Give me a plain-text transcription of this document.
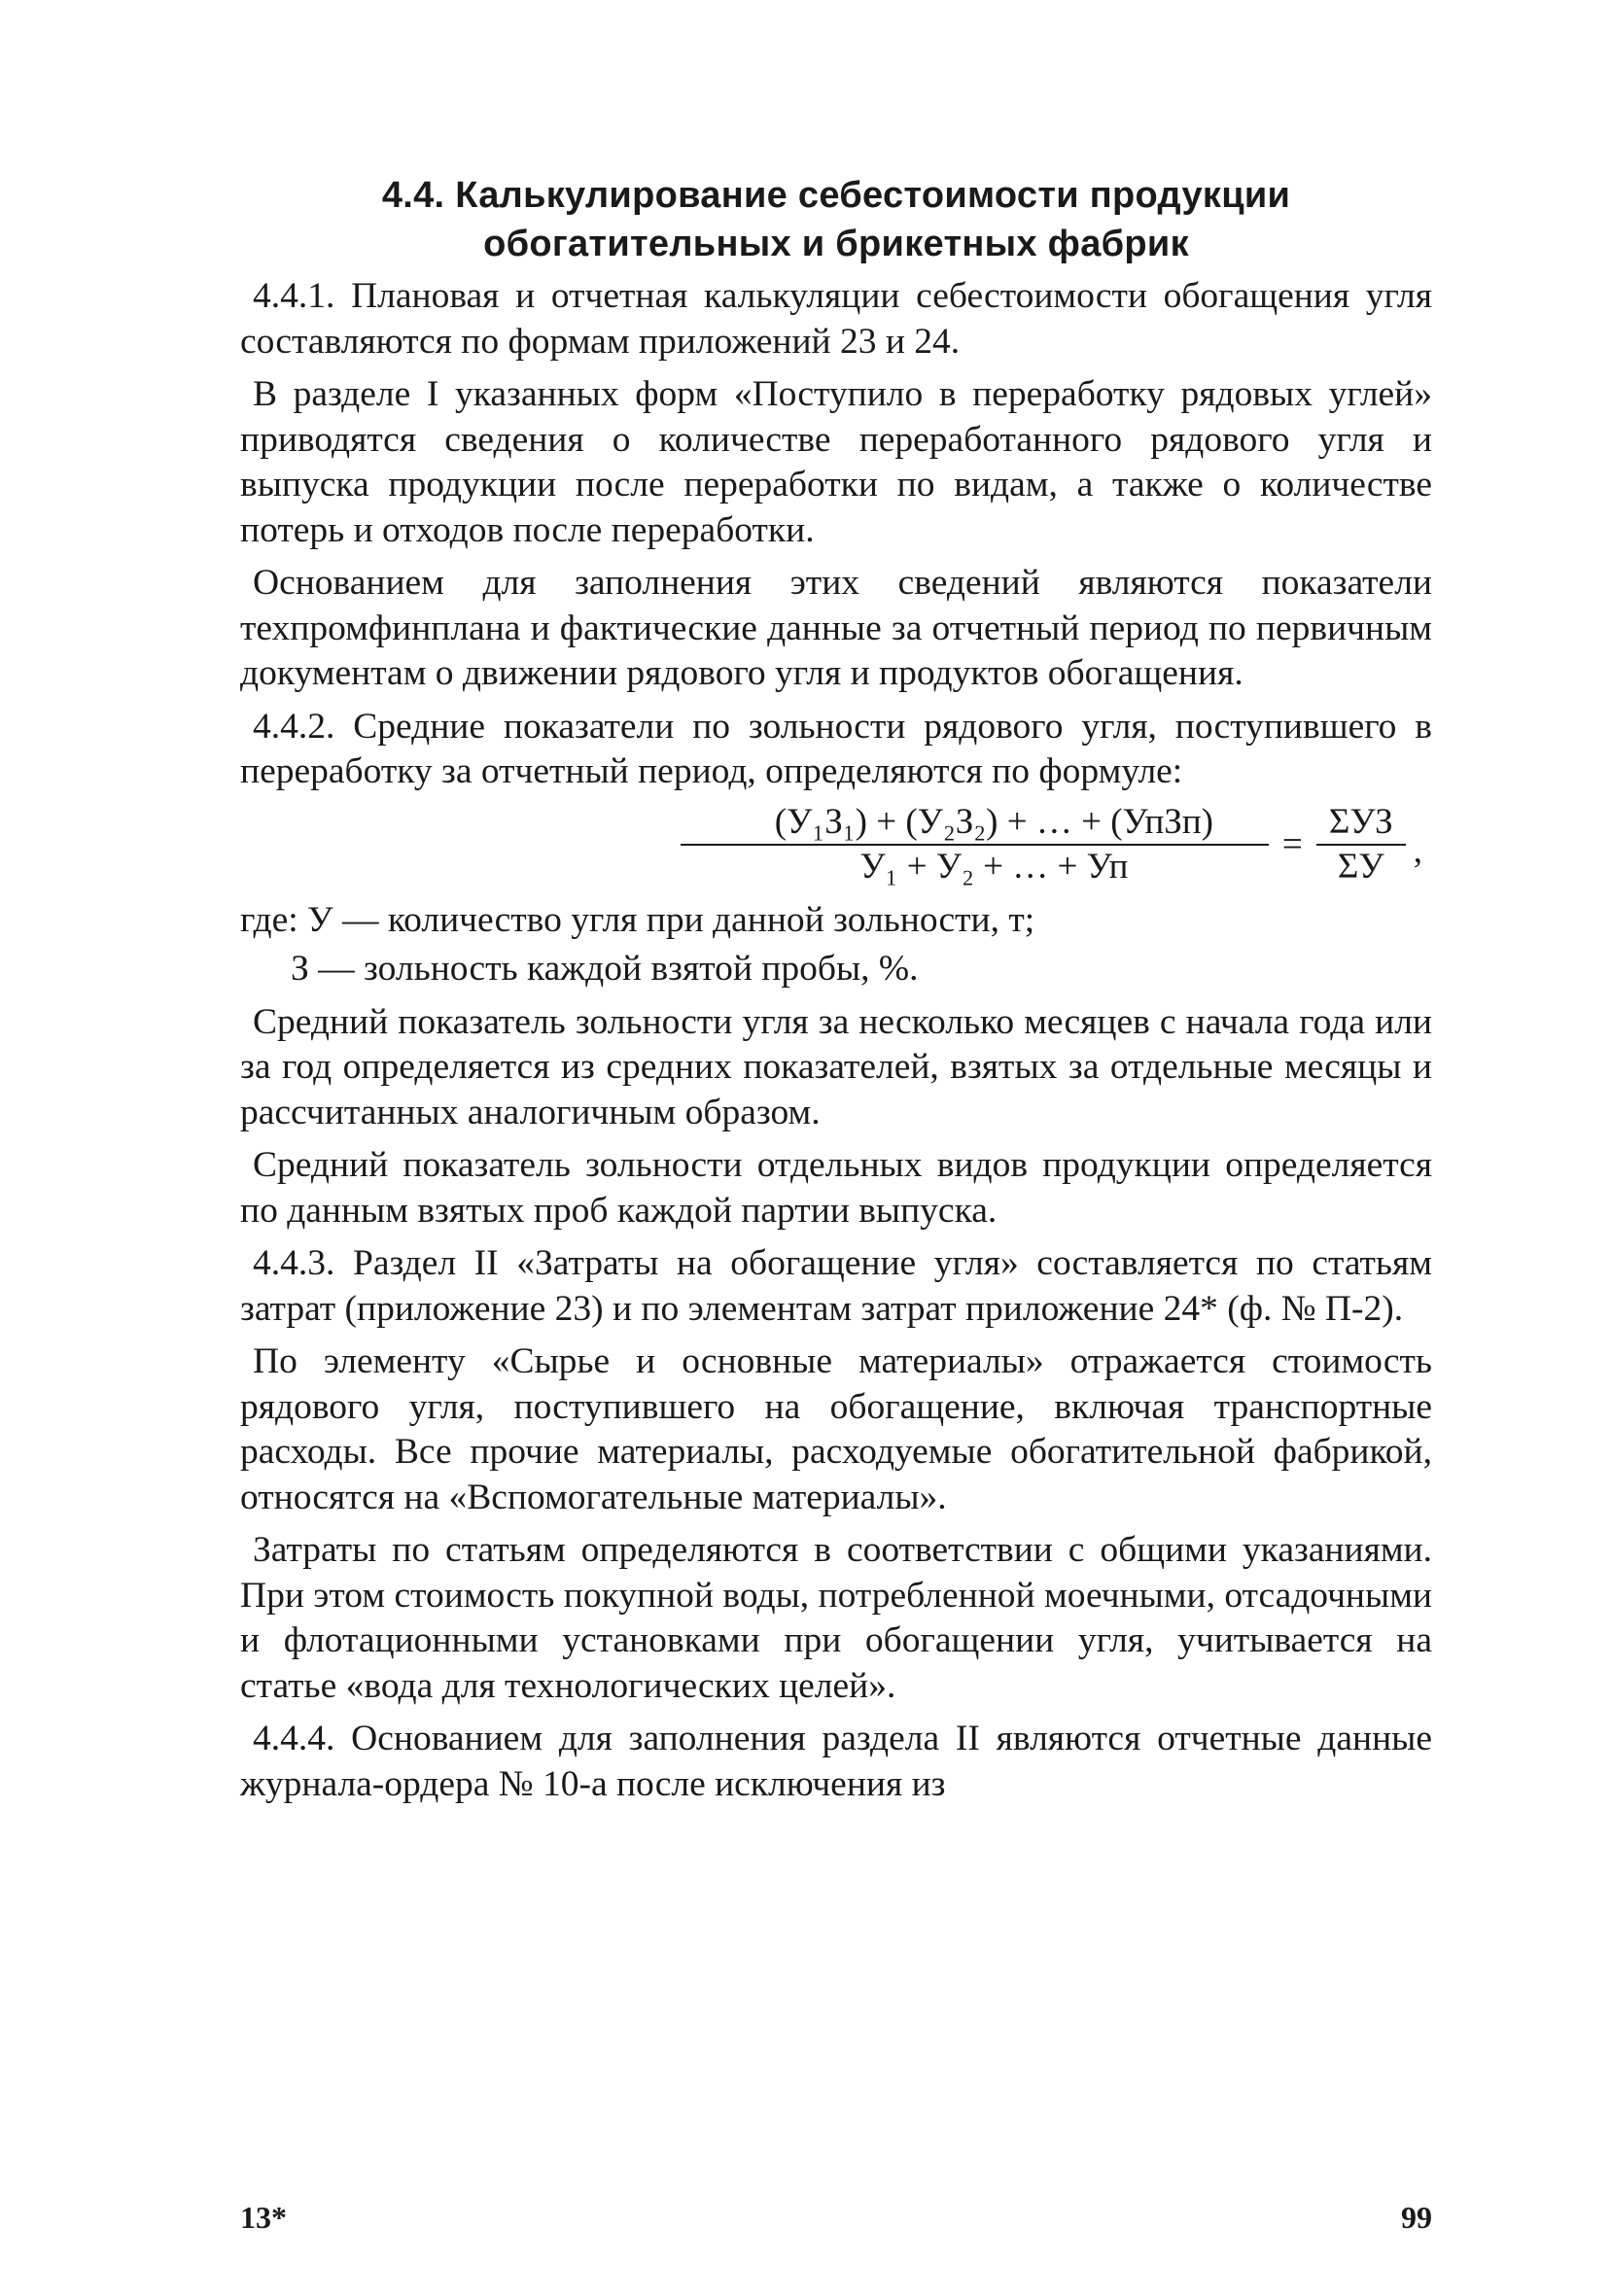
4.4. Калькулирование себестоимости продукции
обогатительных и брикетных фабрик

4.4.1. Плановая и отчетная калькуляции себестоимости обогащения угля составляются по формам приложений 23 и 24.

В разделе I указанных форм «Поступило в переработку рядовых углей» приводятся сведения о количестве переработанного рядового угля и выпуска продукции после переработки по видам, а также о количестве потерь и отходов после переработки.

Основанием для заполнения этих сведений являются показатели техпромфинплана и фактические данные за отчетный период по первичным документам о движении рядового угля и продуктов обогащения.

4.4.2. Средние показатели по зольности рядового угля, поступившего в переработку за отчетный период, определяются по формуле:

$\frac{\text{(У₁З₁) + (У₂З₂) + … + (УпЗп)}}{\text{У₁ + У₂ + … + Уп}} = \frac{\text{ΣУЗ}}{\Sigma У}$ ,
где: У — количество угля при данной зольности, т;
З — зольность каждой взятой пробы, %.

Средний показатель зольности угля за несколько месяцев с начала года или за год определяется из средних показателей, взятых за отдельные месяцы и рассчитанных аналогичным образом.

Средний показатель зольности отдельных видов продукции определяется по данным взятых проб каждой партии выпуска.

4.4.3. Раздел II «Затраты на обогащение угля» составляется по статьям затрат (приложение 23) и по элементам затрат приложение 24* (ф. № П-2).

По элементу «Сырье и основные материалы» отражается стоимость рядового угля, поступившего на обогащение, включая транспортные расходы. Все прочие материалы, расходуемые обогатительной фабрикой, относятся на «Вспомогательные материалы».

Затраты по статьям определяются в соответствии с общими указаниями. При этом стоимость покупной воды, потребленной моечными, отсадочными и флотационными установками при обогащении угля, учитывается на статье «вода для технологических целей».

4.4.4. Основанием для заполнения раздела II являются отчетные данные журнала-ордера № 10-а после исключения из

13*	99
